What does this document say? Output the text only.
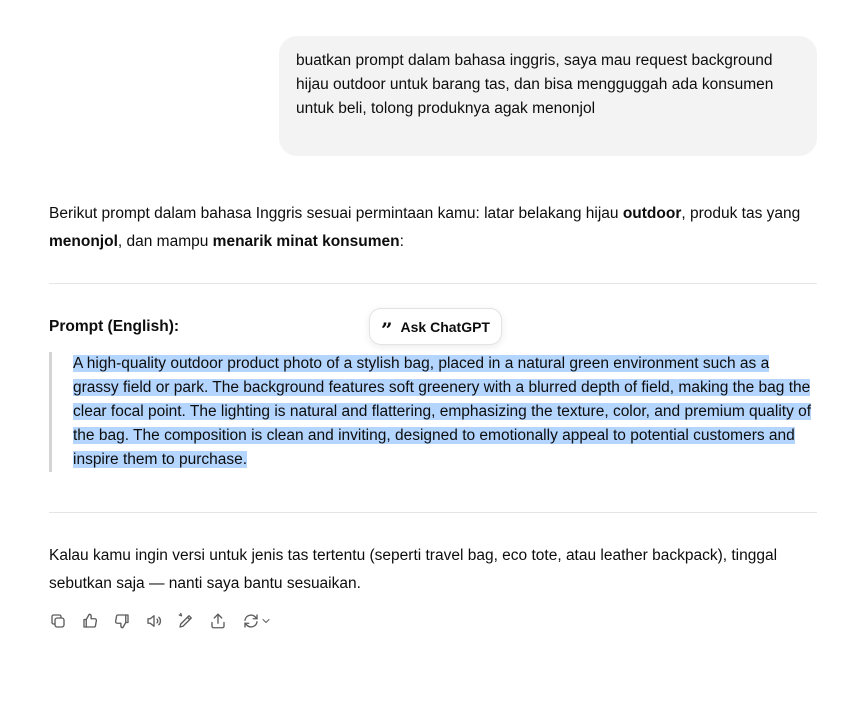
buatkan prompt dalam bahasa inggris, saya mau request background hijau outdoor untuk barang tas, dan bisa mengguggah ada konsumen untuk beli, tolong produknya agak menonjol
Berikut prompt dalam bahasa Inggris sesuai permintaan kamu: latar belakang hijau outdoor, produk tas yang menonjol, dan mampu menarik minat konsumen:
Prompt (English):	” Ask ChatGPT
A high-quality outdoor product photo of a stylish bag, placed in a natural green environment such as a grassy field or park. The background features soft greenery with a blurred depth of field, making the bag the clear focal point. The lighting is natural and flattering, emphasizing the texture, color, and premium quality of the bag. The composition is clean and inviting, designed to emotionally appeal to potential customers and inspire them to purchase.
Kalau kamu ingin versi untuk jenis tas tertentu (seperti travel bag, eco tote, atau leather backpack), tinggal sebutkan saja — nanti saya bantu sesuaikan.
